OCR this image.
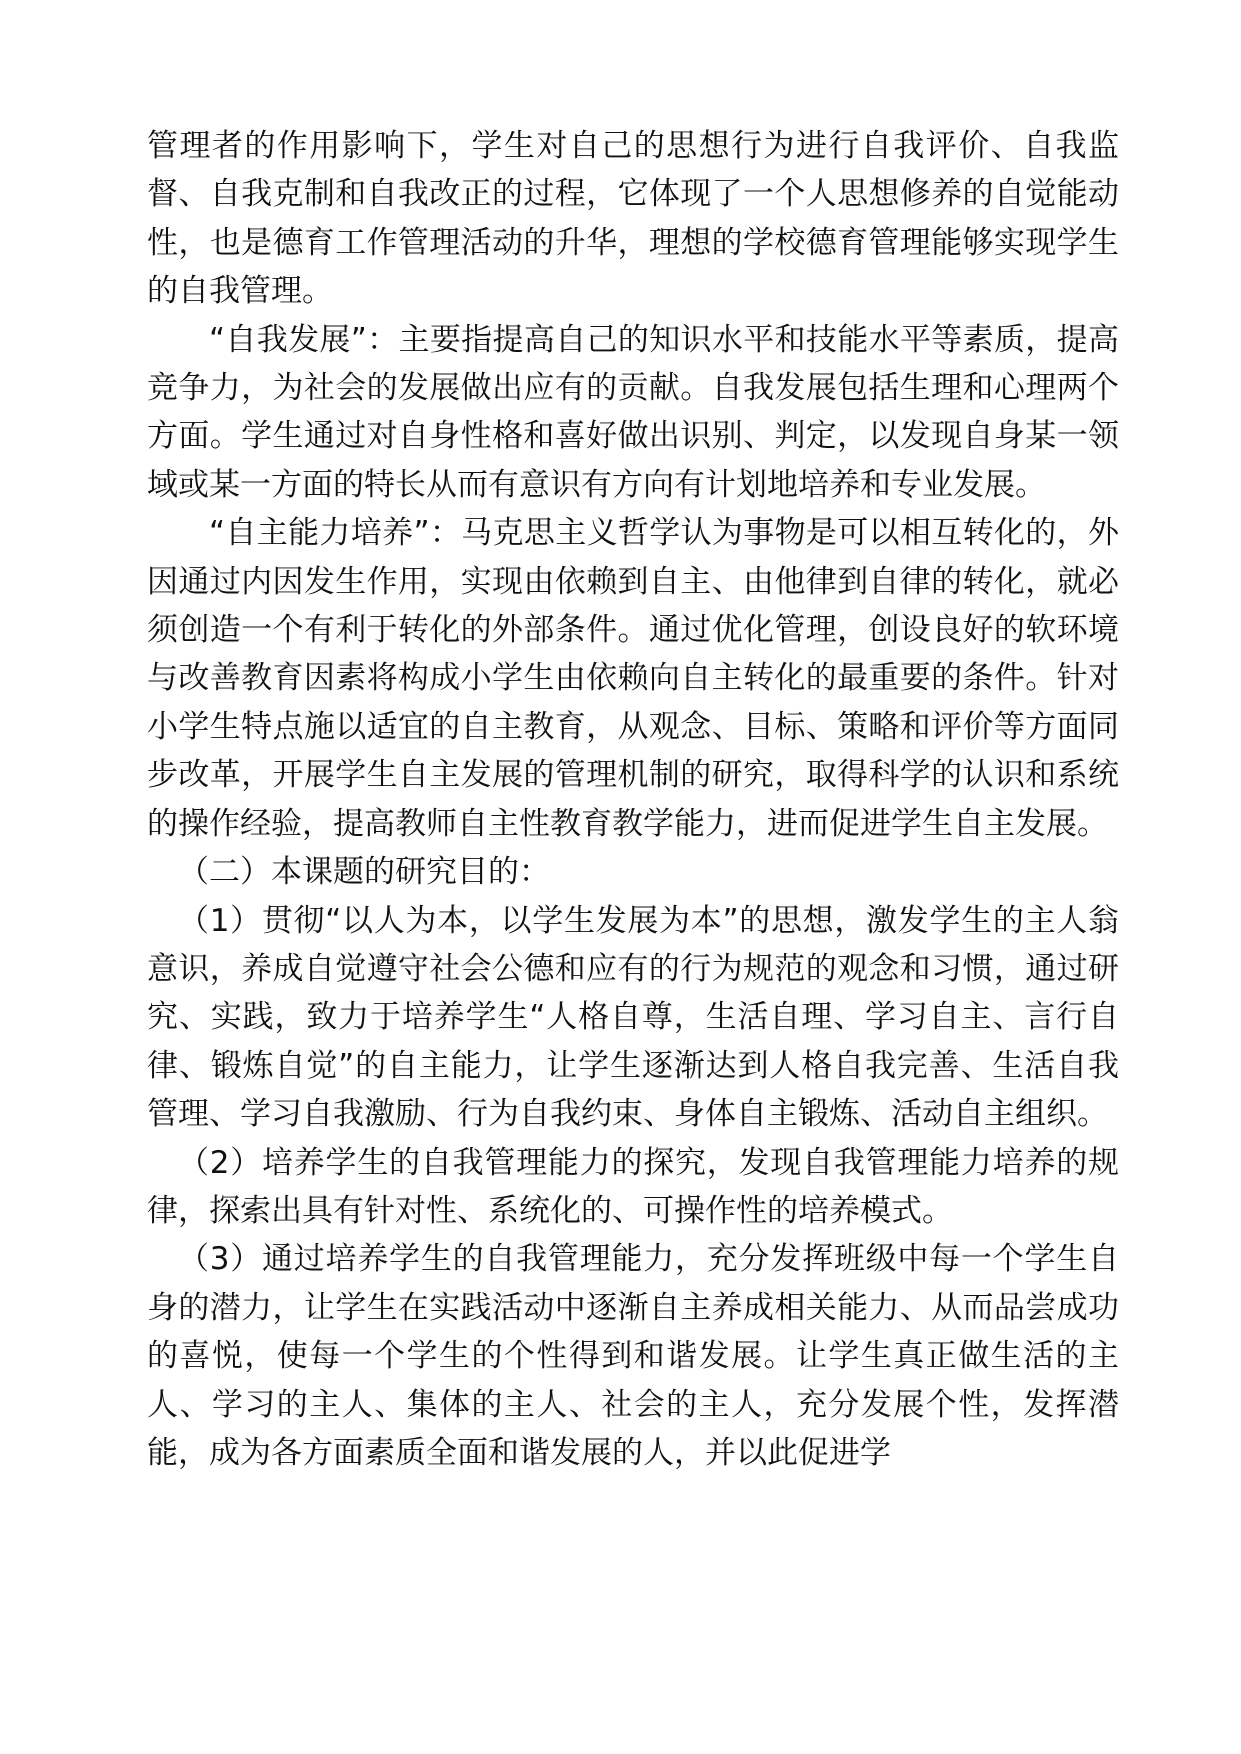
管理者的作用影响下，学生对自己的思想行为进行自我评价、自我监督、自我克制和自我改正的过程，它体现了一个人思想修养的自觉能动性，也是德育工作管理活动的升华，理想的学校德育管理能够实现学生的自我管理。

“自我发展”：主要指提高自己的知识水平和技能水平等素质，提高竞争力，为社会的发展做出应有的贡献。自我发展包括生理和心理两个方面。学生通过对自身性格和喜好做出识别、判定，以发现自身某一领域或某一方面的特长从而有意识有方向有计划地培养和专业发展。

“自主能力培养”：马克思主义哲学认为事物是可以相互转化的，外因通过内因发生作用，实现由依赖到自主、由他律到自律的转化，就必须创造一个有利于转化的外部条件。通过优化管理，创设良好的软环境与改善教育因素将构成小学生由依赖向自主转化的最重要的条件。针对小学生特点施以适宜的自主教育，从观念、目标、策略和评价等方面同步改革，开展学生自主发展的管理机制的研究，取得科学的认识和系统的操作经验，提高教师自主性教育教学能力，进而促进学生自主发展。

（二）本课题的研究目的：

（1）贯彻“以人为本，以学生发展为本”的思想，激发学生的主人翁意识，养成自觉遵守社会公德和应有的行为规范的观念和习惯，通过研究、实践，致力于培养学生“人格自尊，生活自理、学习自主、言行自律、锻炼自觉”的自主能力，让学生逐渐达到人格自我完善、生活自我管理、学习自我激励、行为自我约束、身体自主锻炼、活动自主组织。

（2）培养学生的自我管理能力的探究，发现自我管理能力培养的规律，探索出具有针对性、系统化的、可操作性的培养模式。

（3）通过培养学生的自我管理能力，充分发挥班级中每一个学生自身的潜力，让学生在实践活动中逐渐自主养成相关能力、从而品尝成功的喜悦，使每一个学生的个性得到和谐发展。让学生真正做生活的主人、学习的主人、集体的主人、社会的主人，充分发展个性，发挥潜能，成为各方面素质全面和谐发展的人，并以此促进学
